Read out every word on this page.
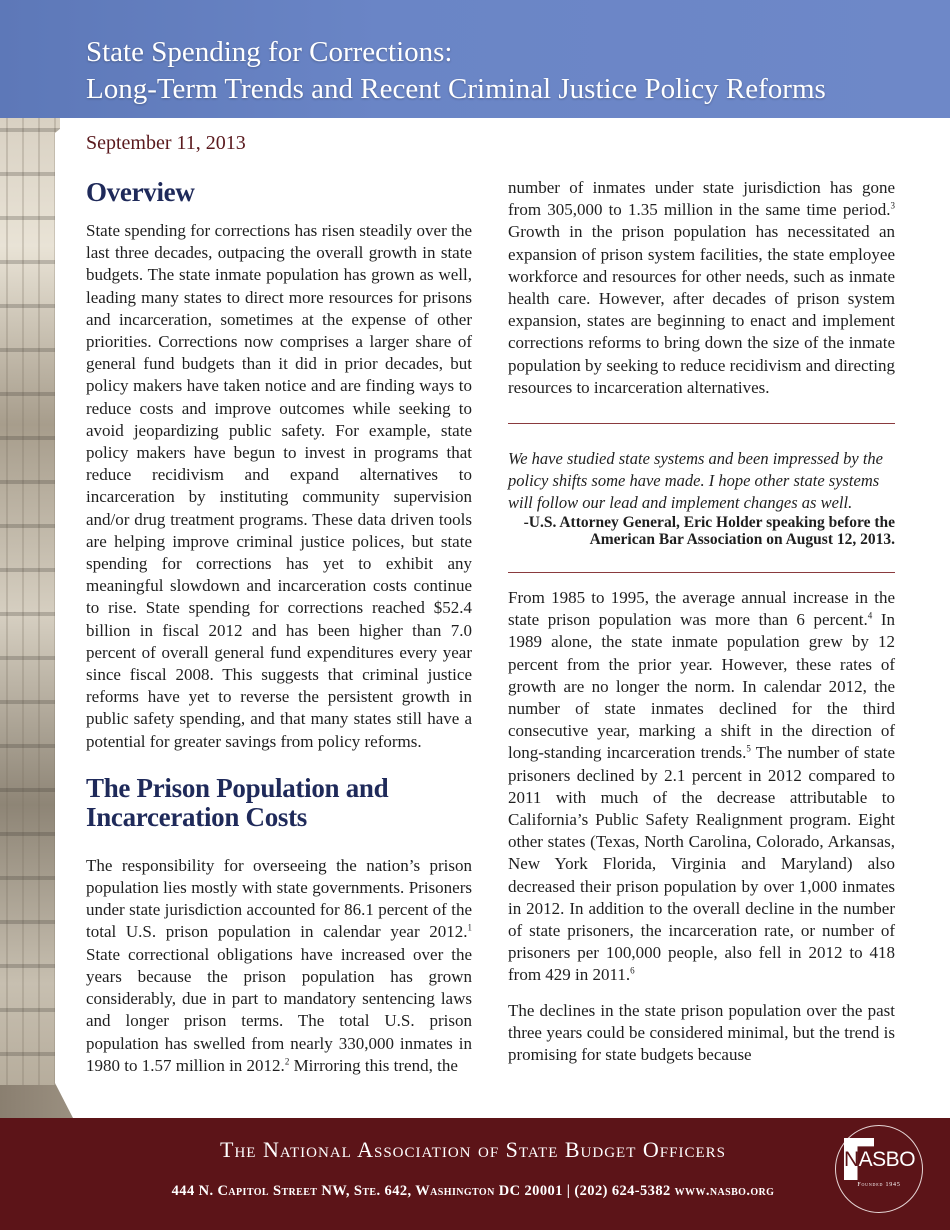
State Spending for Corrections:
Long-Term Trends and Recent Criminal Justice Policy Reforms

September 11, 2013

Overview

State spending for corrections has risen steadily over the last three decades, outpacing the overall growth in state budgets. The state inmate population has grown as well, leading many states to direct more resources for prisons and incarceration, sometimes at the expense of other priorities. Corrections now comprises a larger share of general fund budgets than it did in prior decades, but policy makers have taken notice and are finding ways to reduce costs and improve outcomes while seeking to avoid jeopardizing public safety. For example, state policy makers have begun to invest in programs that reduce recidivism and expand alternatives to incarceration by instituting community supervision and/or drug treatment programs. These data driven tools are helping improve criminal justice polices, but state spending for corrections has yet to exhibit any meaningful slowdown and incarceration costs continue to rise. State spending for corrections reached $52.4 billion in fiscal 2012 and has been higher than 7.0 percent of overall general fund expenditures every year since fiscal 2008. This suggests that criminal justice reforms have yet to reverse the persistent growth in public safety spending, and that many states still have a potential for greater savings from policy reforms.

The Prison Population and
Incarceration Costs

The responsibility for overseeing the nation’s prison population lies mostly with state governments. Prisoners under state jurisdiction accounted for 86.1 percent of the total U.S. prison population in calendar year 2012.$^1$ State correctional obligations have increased over the years because the prison population has grown considerably, due in part to mandatory sentencing laws and longer prison terms. The total U.S. prison population has swelled from nearly 330,000 inmates in 1980 to 1.57 million in 2012.$^2$ Mirroring this trend, the

number of inmates under state jurisdiction has gone from 305,000 to 1.35 million in the same time period.$^3$ Growth in the prison population has necessitated an expansion of prison system facilities, the state employee workforce and resources for other needs, such as inmate health care. However, after decades of prison system expansion, states are beginning to enact and implement corrections reforms to bring down the size of the inmate population by seeking to reduce recidivism and directing resources to incarceration alternatives.

We have studied state systems and been impressed by the policy shifts some have made. I hope other state systems will follow our lead and implement changes as well.

-U.S. Attorney General, Eric Holder speaking before the
American Bar Association on August 12, 2013.

From 1985 to 1995, the average annual increase in the state prison population was more than 6 percent.$^4$ In 1989 alone, the state inmate population grew by 12 percent from the prior year. However, these rates of growth are no longer the norm. In calendar 2012, the number of state inmates declined for the third consecutive year, marking a shift in the direction of long-standing incarceration trends.$^5$ The number of state prisoners declined by 2.1 percent in 2012 compared to 2011 with much of the decrease attributable to California’s Public Safety Realignment program. Eight other states (Texas, North Carolina, Colorado, Arkansas, New York Florida, Virginia and Maryland) also decreased their prison population by over 1,000 inmates in 2012. In addition to the overall decline in the number of state prisoners, the incarceration rate, or number of prisoners per 100,000 people, also fell in 2012 to 418 from 429 in 2011.$^6$

The declines in the state prison population over the past three years could be considered minimal, but the trend is promising for state budgets because

The National Association of State Budget Officers

444 N. Capitol Street NW, Ste. 642, Washington DC 20001 | (202) 624-5382 www.nasbo.org

NASBO

Founded 1945
